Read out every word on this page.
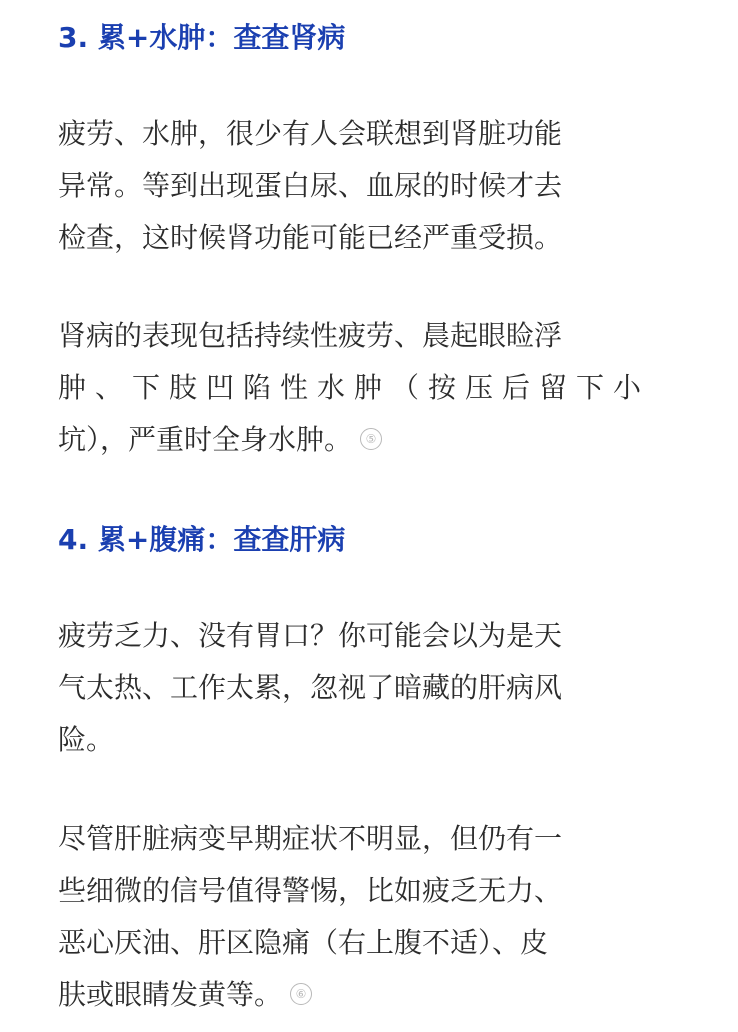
3. 累+水肿：查查肾病

疲劳、水肿，很少有人会联想到肾脏功能
异常。等到出现蛋白尿、血尿的时候才去
检查，这时候肾功能可能已经严重受损。

肾病的表现包括持续性疲劳、晨起眼睑浮
肿、下肢凹陷性水肿（按压后留下小
坑），严重时全身水肿。 ⑤

4. 累+腹痛：查查肝病

疲劳乏力、没有胃口？你可能会以为是天
气太热、工作太累，忽视了暗藏的肝病风
险。

尽管肝脏病变早期症状不明显，但仍有一
些细微的信号值得警惕，比如疲乏无力、
恶心厌油、肝区隐痛（右上腹不适）、皮
肤或眼睛发黄等。 ⑥
